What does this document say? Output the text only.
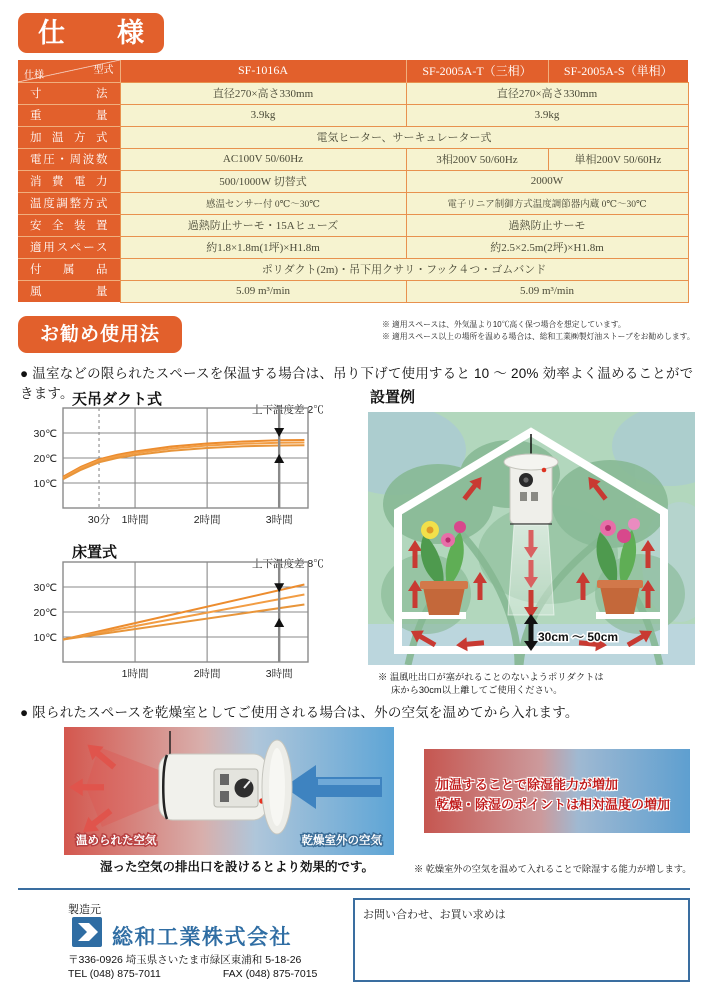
仕様
型式
仕様	SF-1016A	SF-2005A-T（三相）	SF-2005A-S（単相）
寸法	直径270×高さ330mm	直径270×高さ330mm	
重量	3.9kg	3.9kg	
加温方式	電気ヒーター、サーキュレーター式		
電圧・周波数	AC100V 50/60Hz	3相200V 50/60Hz	単相200V 50/60Hz
消費電力	500/1000W 切替式	2000W	
温度調整方式	感温センサー付 0℃～30℃	電子リニア制御方式温度調節器内蔵 0℃～30℃	
安全装置	過熱防止サーモ・15Aヒューズ	過熱防止サーモ	
適用スペース	約1.8×1.8m(1坪)×H1.8m	約2.5×2.5m(2坪)×H1.8m	
付属品	ポリダクト(2m)・吊下用クサリ・フック４つ・ゴムバンド		
風量	5.09 m³/min	5.09 m³/min	
お勧め使用法	※ 適用スペースは、外気温より10℃高く保つ場合を想定しています。
※ 適用スペース以上の場所を温める場合は、総和工業㈱製灯油ストーブをお勧めします。
● 温室などの限られたスペースを保温する場合は、吊り下げて使用すると 10 ～ 20% 効率よく温めることができます。
天吊ダクト式
上下温度差 2℃
10℃
20℃
30℃
30分 1時間	2時間	3時間
床置式
上下温度差 8℃
10℃
20℃
30℃
1時間	2時間	3時間
設置例
30cm ～ 50cm
※ 温風吐出口が塞がれることのないようポリダクトは
床から30cm以上離してご使用ください。
● 限られたスペースを乾燥室としてご使用される場合は、外の空気を温めてから入れます。
温められた空気	乾燥室外の空気
加温することで除湿能力が増加
乾燥・除湿のポイントは相対温度の増加
湿った空気の排出口を設けるとより効果的です。	※ 乾燥室外の空気を温めて入れることで除湿する能力が増します。
製造元
総和工業株式会社
〒336-0926 埼玉県さいたま市緑区東浦和 5-18-26
TEL (048) 875-7011	FAX (048) 875-7015
お問い合わせ、お買い求めは
